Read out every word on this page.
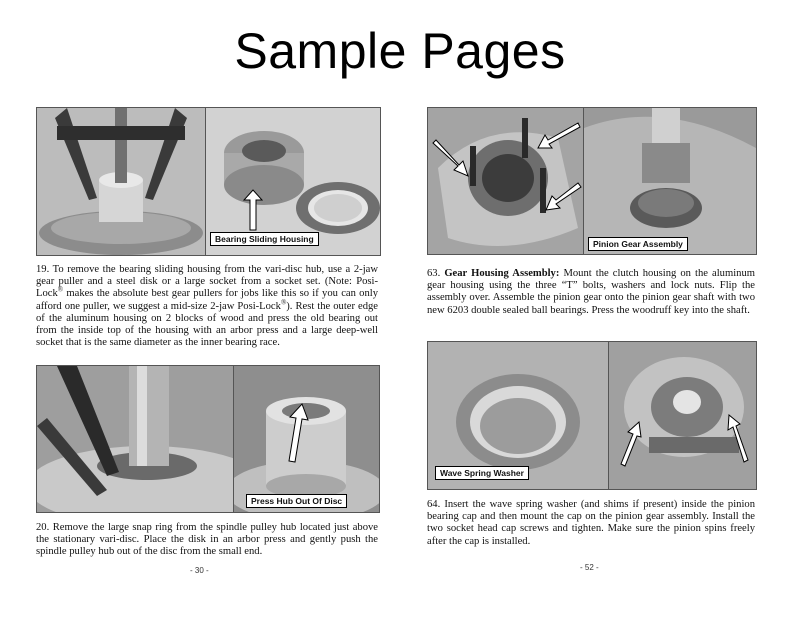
Sample Pages
Bearing Sliding Housing

19. To remove the bearing sliding housing from the vari-disc hub, use a 2-jaw gear puller and a steel disk or a large socket from a socket set. (Note: Posi-Lock® makes the absolute best gear pullers for jobs like this so if you can only afford one puller, we suggest a mid-size 2-jaw Posi-Lock®). Rest the outer edge of the aluminum housing on 2 blocks of wood and press the old bearing out from the inside top of the housing with an arbor press and a large deep-well socket that is the same diameter as the inner bearing race.

Press Hub Out Of Disc

20. Remove the large snap ring from the spindle pulley hub located just above the stationary vari-disc. Place the disk in an arbor press and gently push the spindle pulley hub out of the disc from the small end.

- 30 -
Pinion Gear Assembly

63. Gear Housing Assembly: Mount the clutch housing on the aluminum gear housing using the three “T” bolts, washers and lock nuts. Flip the assembly over. Assemble the pinion gear onto the pinion gear shaft with two new 6203 double sealed ball bearings. Press the woodruff key into the shaft.

Wave Spring Washer

64. Insert the wave spring washer (and shims if present) inside the pinion bearing cap and then mount the cap on the pinion gear assembly. Install the two socket head cap screws and tighten. Make sure the pinion spins freely after the cap is installed.

- 52 -
